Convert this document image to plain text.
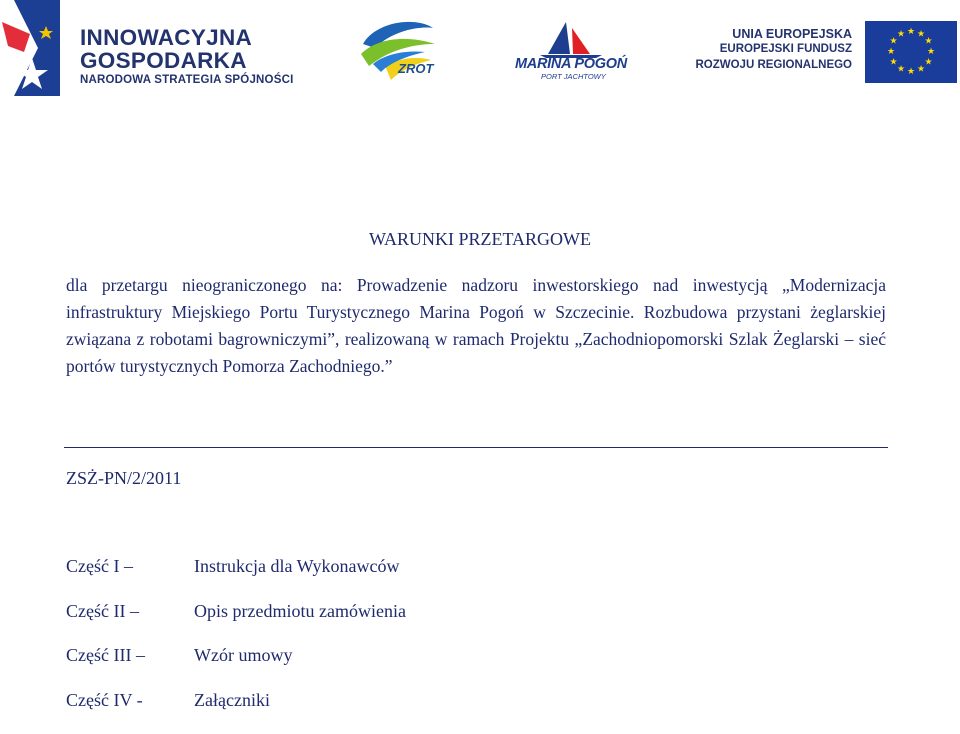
INNOWACYJNA
GOSPODARKA
NARODOWA STRATEGIA SPÓJNOŚCI
ZROT	MARINA POGOŃ
PORT JACHTOWY
UNIA EUROPEJSKA
EUROPEJSKI FUNDUSZ
ROZWOJU REGIONALNEGO
★ ★
★
★
★
★
★
★
★
★
★
★
WARUNKI PRZETARGOWE
dla przetargu nieograniczonego na: Prowadzenie nadzoru inwestorskiego nad inwestycją „Modernizacja infrastruktury Miejskiego Portu Turystycznego Marina Pogoń w Szczecinie. Rozbudowa przystani żeglarskiej związana z robotami bagrowniczymi”, realizowaną w ramach Projektu „Zachodniopomorski Szlak Żeglarski – sieć portów turystycznych Pomorza Zachodniego.”
ZSŻ-PN/2/2011
Część I –	Instrukcja dla Wykonawców
Część II –	Opis przedmiotu zamówienia
Część III –	Wzór umowy
Część IV -	Załączniki
